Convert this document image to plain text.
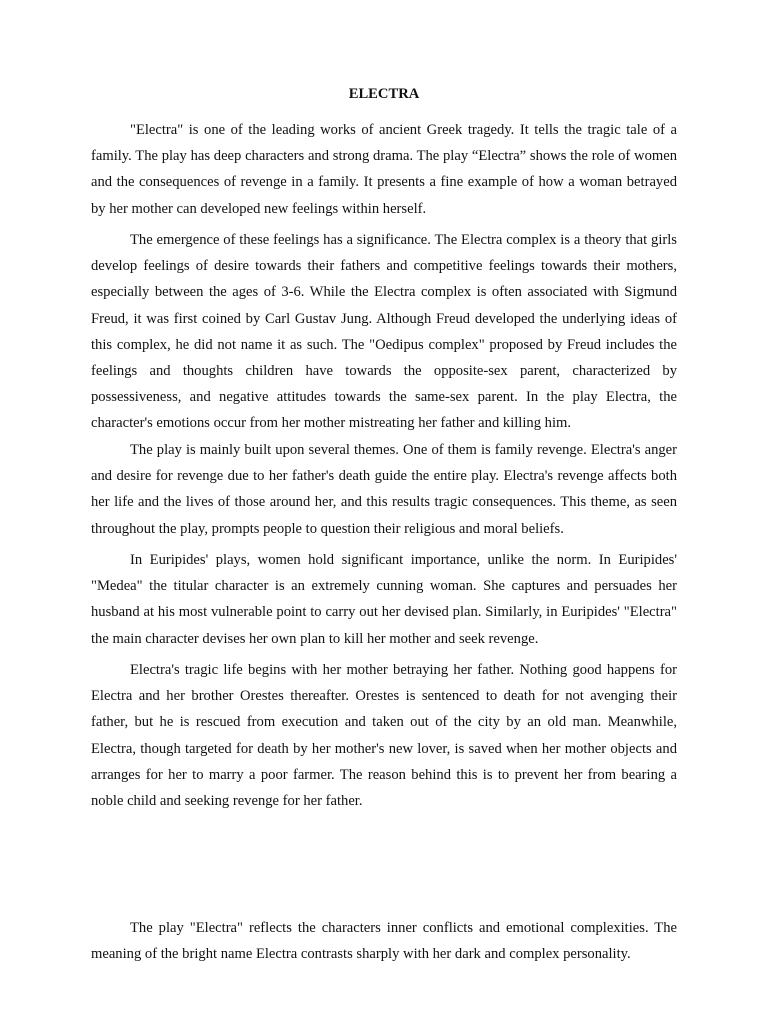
ELECTRA

"Electra" is one of the leading works of ancient Greek tragedy. It tells the tragic tale of a family. The play has deep characters and strong drama. The play “Electra” shows the role of women and the consequences of revenge in a family. It presents a fine example of how a woman betrayed by her mother can developed new feelings within herself.

The emergence of these feelings has a significance. The Electra complex is a theory that girls develop feelings of desire towards their fathers and competitive feelings towards their mothers, especially between the ages of 3-6. While the Electra complex is often associated with Sigmund Freud, it was first coined by Carl Gustav Jung. Although Freud developed the underlying ideas of this complex, he did not name it as such. The "Oedipus complex" proposed by Freud includes the feelings and thoughts children have towards the opposite-sex parent, characterized by possessiveness, and negative attitudes towards the same-sex parent. In the play Electra, the character's emotions occur from her mother mistreating her father and killing him.

The play is mainly built upon several themes. One of them is family revenge. Electra's anger and desire for revenge due to her father's death guide the entire play. Electra's revenge affects both her life and the lives of those around her, and this results tragic consequences. This theme, as seen throughout the play, prompts people to question their religious and moral beliefs.

In Euripides' plays, women hold significant importance, unlike the norm. In Euripides' "Medea" the titular character is an extremely cunning woman. She captures and persuades her husband at his most vulnerable point to carry out her devised plan. Similarly, in Euripides' "Electra" the main character devises her own plan to kill her mother and seek revenge.

Electra's tragic life begins with her mother betraying her father. Nothing good happens for Electra and her brother Orestes thereafter. Orestes is sentenced to death for not avenging their father, but he is rescued from execution and taken out of the city by an old man. Meanwhile, Electra, though targeted for death by her mother's new lover, is saved when her mother objects and arranges for her to marry a poor farmer. The reason behind this is to prevent her from bearing a noble child and seeking revenge for her father.

The play "Electra" reflects the characters inner conflicts and emotional complexities. The meaning of the bright name Electra contrasts sharply with her dark and complex personality.
